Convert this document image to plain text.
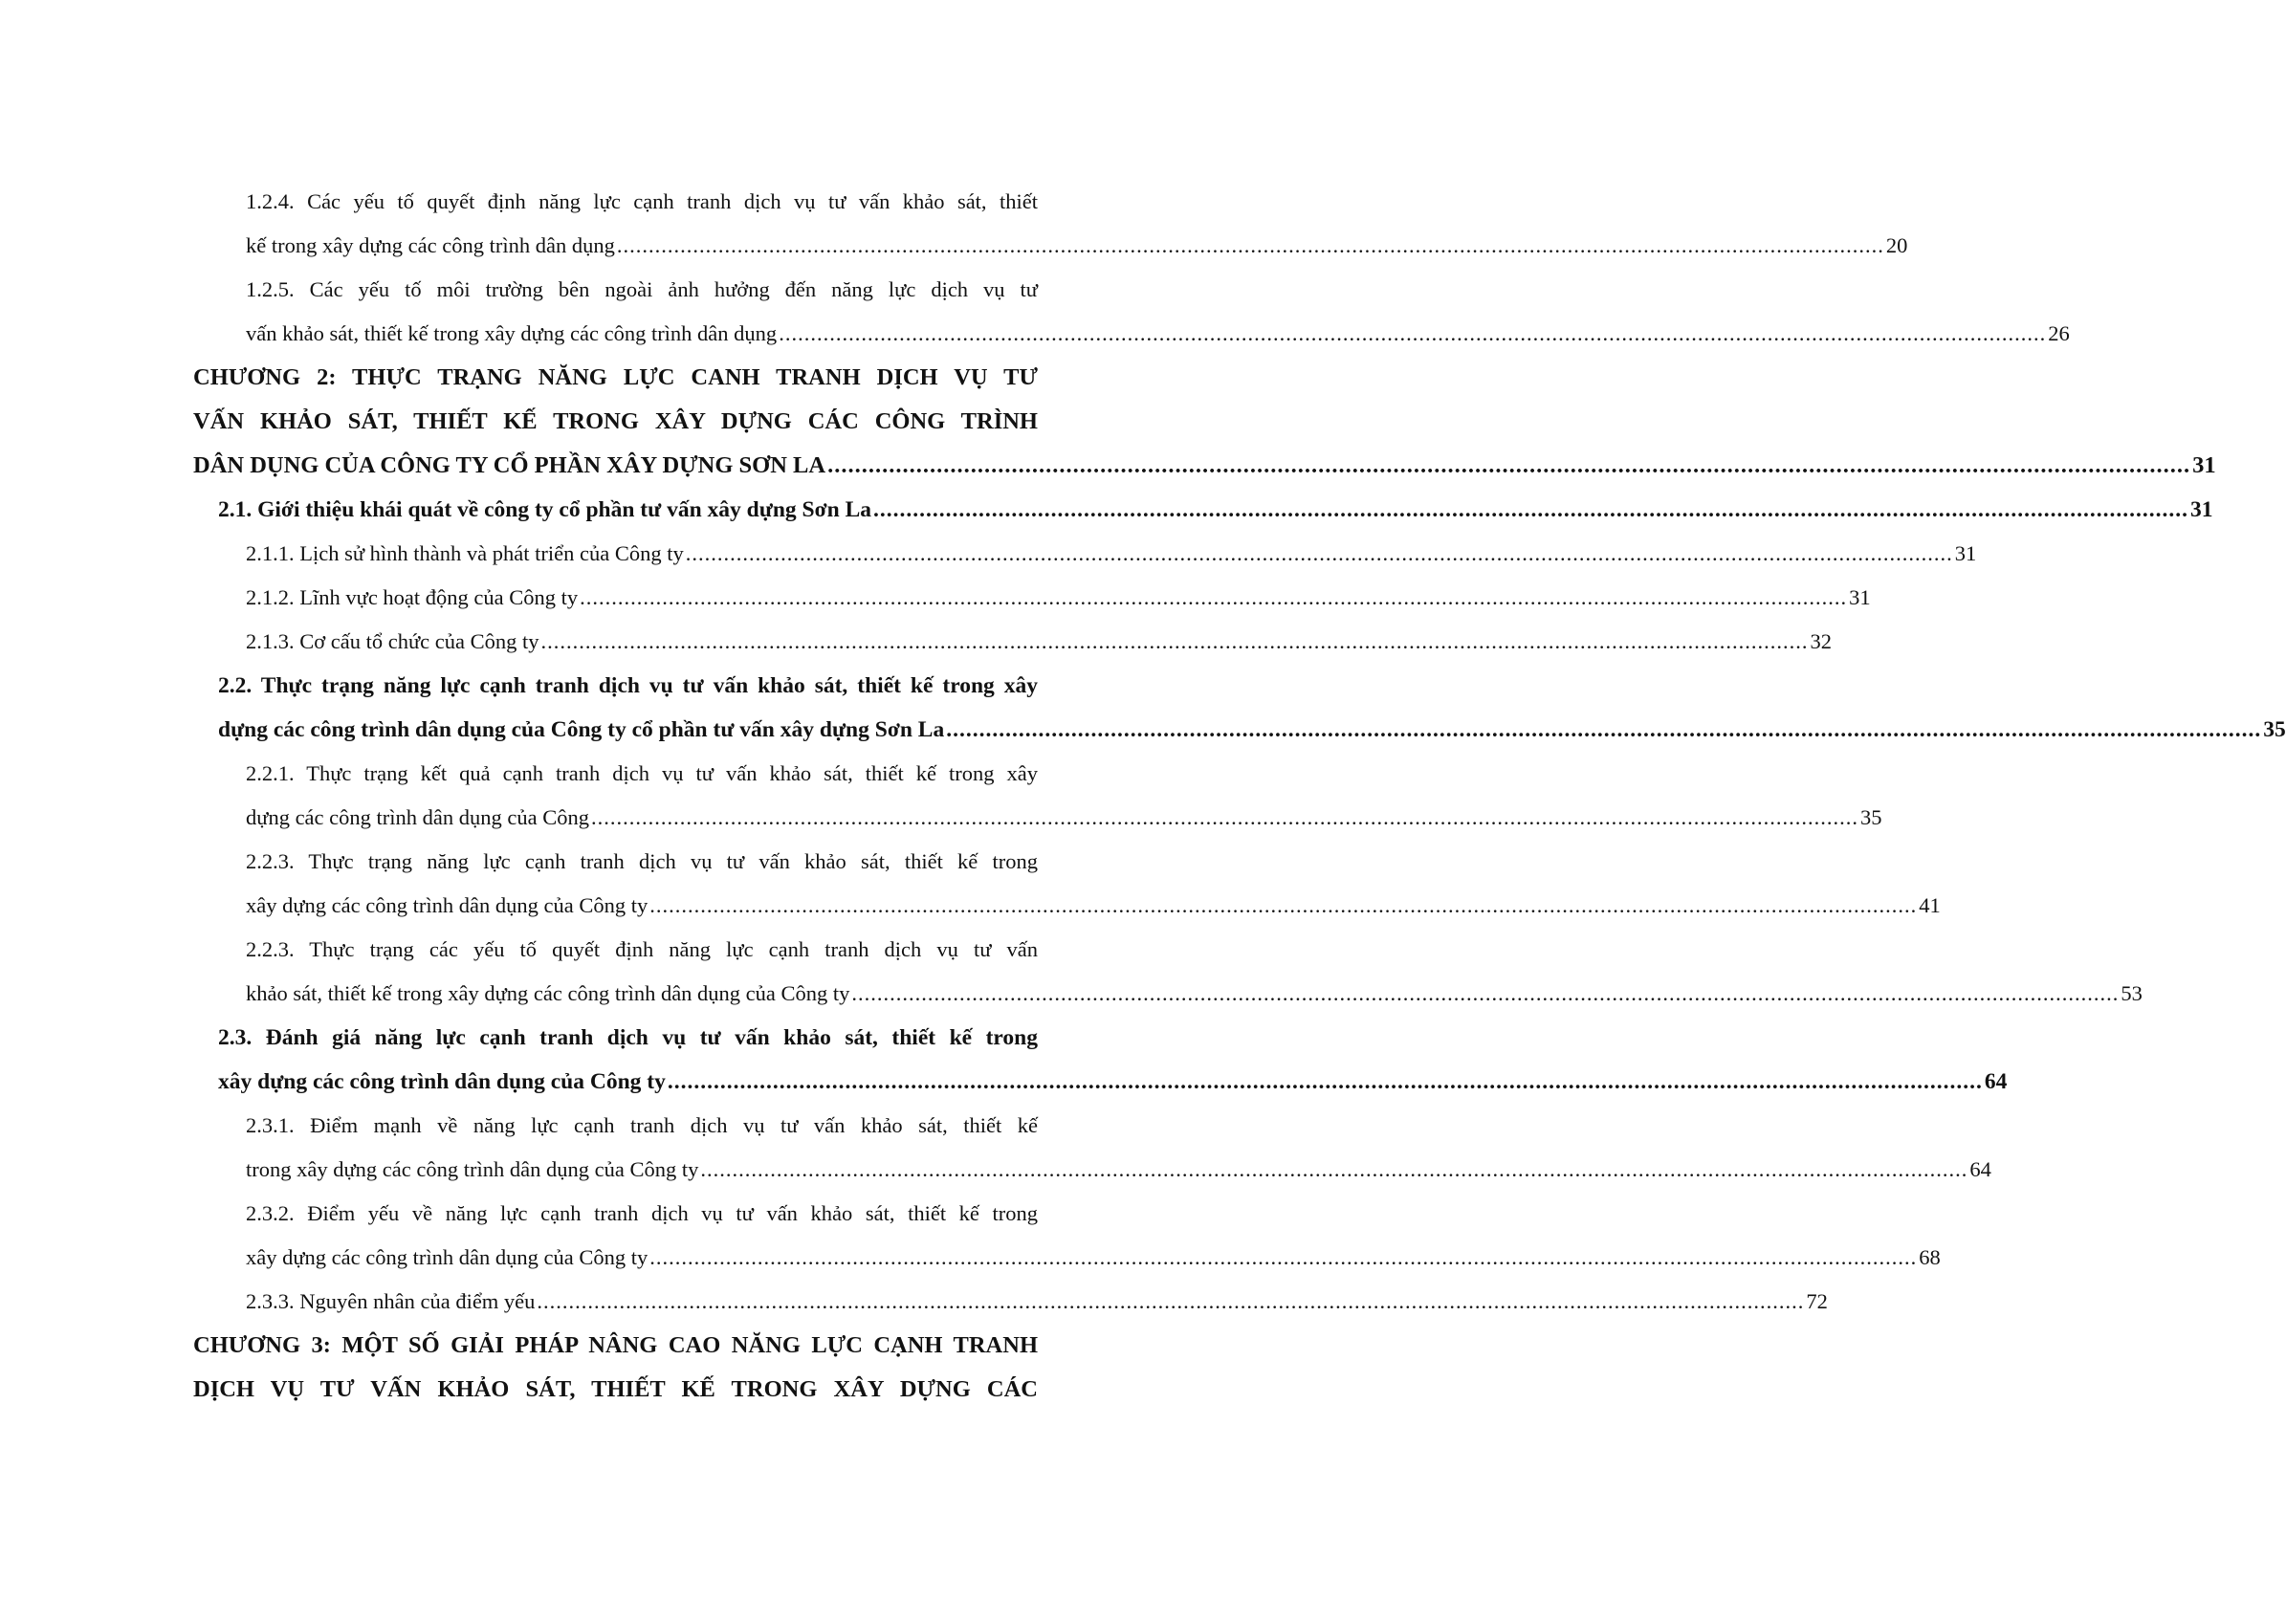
1.2.4. Các yếu tố quyết định năng lực cạnh tranh dịch vụ tư vấn khảo sát, thiết
kế trong xây dựng các công trình dân dụng .....	20
1.2.5. Các yếu tố môi trường bên ngoài ảnh hưởng đến năng lực dịch vụ tư
vấn khảo sát, thiết kế trong xây dựng các công trình dân dụng .....	26
CHƯƠNG 2: THỰC TRẠNG NĂNG LỰC CANH TRANH DỊCH VỤ TƯ
VẤN KHẢO SÁT, THIẾT KẾ TRONG XÂY DỰNG CÁC CÔNG TRÌNH
DÂN DỤNG CỦA CÔNG TY CỔ PHẦN XÂY DỰNG SƠN LA .....	31
2.1. Giới thiệu khái quát về công ty cổ phần tư vấn xây dựng Sơn La .....	31
2.1.1. Lịch sử hình thành và phát triển của Công ty .....	31
2.1.2. Lĩnh vực hoạt động của Công ty .....	31
2.1.3. Cơ cấu tổ chức của Công ty .....	32
2.2. Thực trạng năng lực cạnh tranh dịch vụ tư vấn khảo sát, thiết kế trong xây
dựng các công trình dân dụng của Công ty cổ phần tư vấn xây dựng Sơn La .....	35
2.2.1. Thực trạng kết quả cạnh tranh dịch vụ tư vấn khảo sát, thiết kế trong xây
dựng các công trình dân dụng của Công .....	35
2.2.3. Thực trạng năng lực cạnh tranh dịch vụ tư vấn khảo sát, thiết kế trong
xây dựng các công trình dân dụng của Công ty .....	41
2.2.3. Thực trạng các yếu tố quyết định năng lực cạnh tranh dịch vụ tư vấn
khảo sát, thiết kế trong xây dựng các công trình dân dụng của Công ty .....	53
2.3. Đánh giá năng lực cạnh tranh dịch vụ tư vấn khảo sát, thiết kế trong
xây dựng các công trình dân dụng của Công ty .....	64
2.3.1. Điểm mạnh về năng lực cạnh tranh dịch vụ tư vấn khảo sát, thiết kế
trong xây dựng các công trình dân dụng của Công ty .....	64
2.3.2. Điểm yếu về năng lực cạnh tranh dịch vụ tư vấn khảo sát, thiết kế trong
xây dựng các công trình dân dụng của Công ty .....	68
2.3.3. Nguyên nhân của điểm yếu .....	72
CHƯƠNG 3: MỘT SỐ GIẢI PHÁP NÂNG CAO NĂNG LỰC CẠNH TRANH
DỊCH VỤ TƯ VẤN KHẢO SÁT, THIẾT KẾ TRONG XÂY DỰNG CÁC
